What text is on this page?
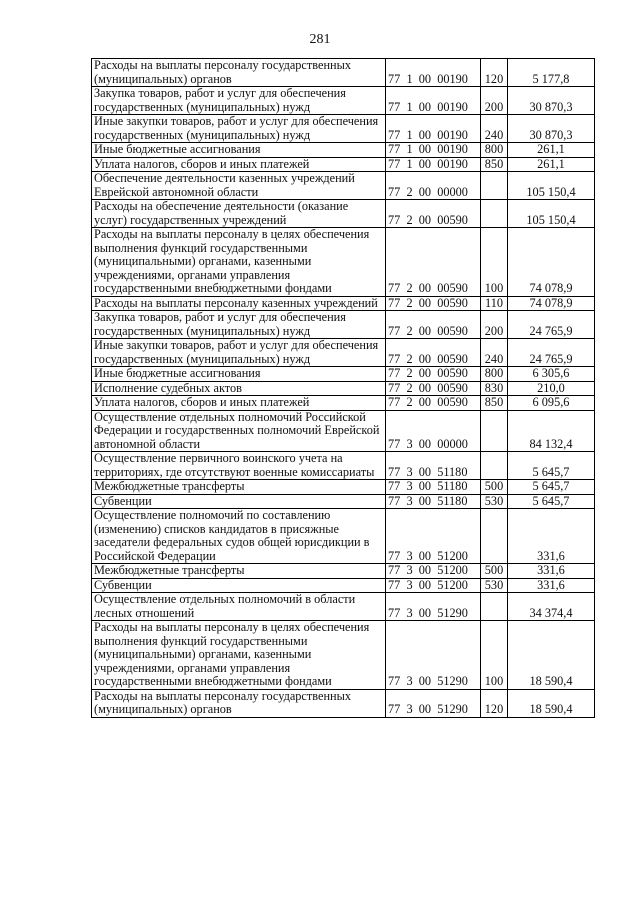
281
Расходы на выплаты персоналу государственных (муниципальных) органов	77  1  00  00190	120	5 177,8
Закупка товаров, работ и услуг для обеспечения государственных (муниципальных) нужд	77  1  00  00190	200	30 870,3
Иные закупки товаров, работ и услуг для обеспечения государственных (муниципальных) нужд	77  1  00  00190	240	30 870,3
Иные бюджетные ассигнования	77  1  00  00190	800	261,1
Уплата налогов, сборов и иных платежей	77  1  00  00190	850	261,1
Обеспечение деятельности казенных учреждений Еврейской автономной области	77  2  00  00000		105 150,4
Расходы на обеспечение деятельности (оказание услуг) государственных учреждений	77  2  00  00590		105 150,4
Расходы на выплаты персоналу в целях обеспечения выполнения функций государственными (муниципальными) органами, казенными учреждениями, органами управления государственными внебюджетными фондами	77  2  00  00590	100	74 078,9
Расходы на выплаты персоналу казенных учреждений	77  2  00  00590	110	74 078,9
Закупка товаров, работ и услуг для обеспечения государственных (муниципальных) нужд	77  2  00  00590	200	24 765,9
Иные закупки товаров, работ и услуг для обеспечения государственных (муниципальных) нужд	77  2  00  00590	240	24 765,9
Иные бюджетные ассигнования	77  2  00  00590	800	6 305,6
Исполнение судебных актов	77  2  00  00590	830	210,0
Уплата налогов, сборов и иных платежей	77  2  00  00590	850	6 095,6
Осуществление отдельных полномочий Российской Федерации и государственных полномочий Еврейской автономной области	77  3  00  00000		84 132,4
Осуществление первичного воинского учета на территориях, где отсутствуют военные комиссариаты	77  3  00  51180		5 645,7
Межбюджетные трансферты	77  3  00  51180	500	5 645,7
Субвенции	77  3  00  51180	530	5 645,7
Осуществление полномочий по составлению (изменению) списков кандидатов в присяжные заседатели федеральных судов общей юрисдикции в Российской Федерации	77  3  00  51200		331,6
Межбюджетные трансферты	77  3  00  51200	500	331,6
Субвенции	77  3  00  51200	530	331,6
Осуществление отдельных полномочий в области лесных отношений	77  3  00  51290		34 374,4
Расходы на выплаты персоналу в целях обеспечения выполнения функций государственными (муниципальными) органами, казенными учреждениями, органами управления государственными внебюджетными фондами	77  3  00  51290	100	18 590,4
Расходы на выплаты персоналу государственных (муниципальных) органов	77  3  00  51290	120	18 590,4
